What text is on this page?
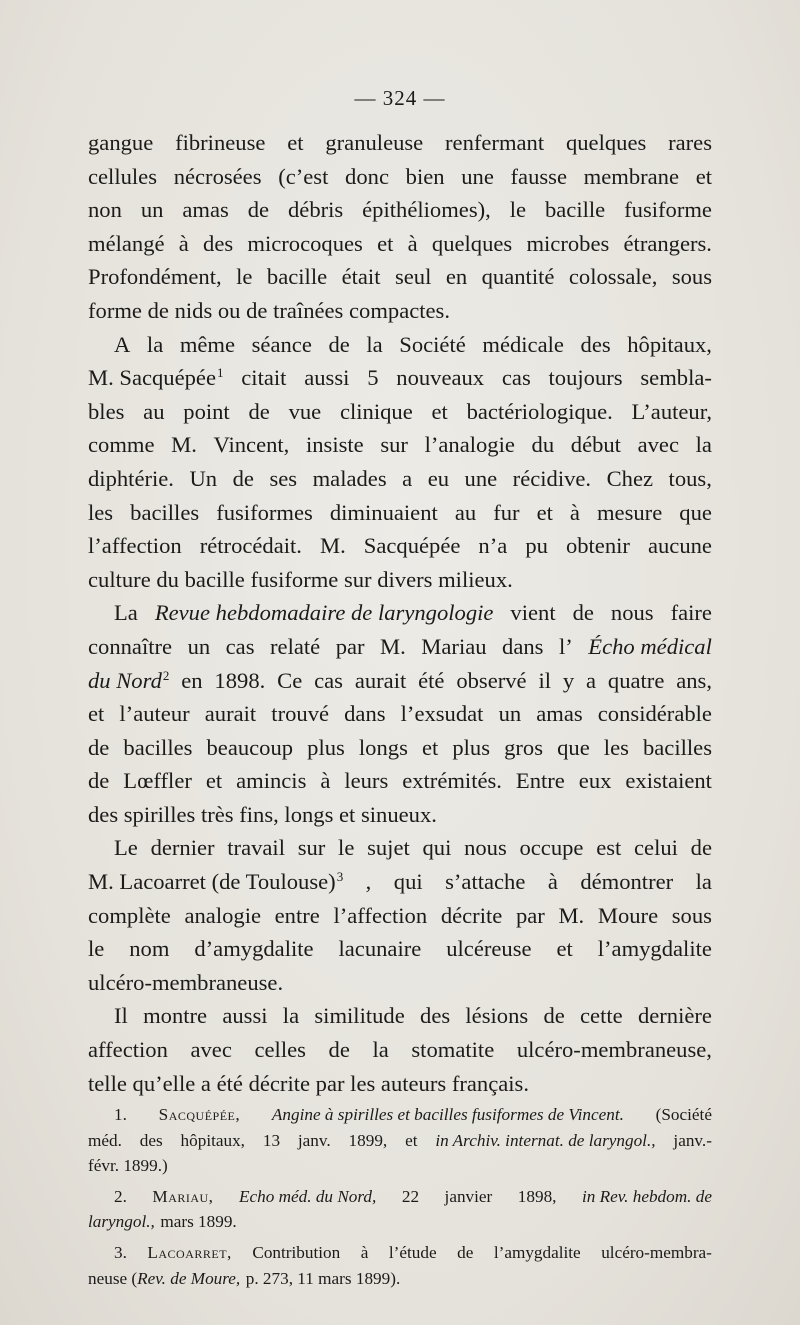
— 324 —
gangue fibrineuse et granuleuse renfermant quelques rares
cellules nécrosées (c’est donc bien une fausse membrane et
non un amas de débris épithéliomes), le bacille fusiforme
mélangé à des microcoques et à quelques microbes étrangers.
Profondément, le bacille était seul en quantité colossale, sous
forme de nids ou de traînées compactes.
A la même séance de la Société médicale des hôpitaux,
M. Sacquépée$^1$ citait aussi 5 nouveaux cas toujours sembla-
bles au point de vue clinique et bactériologique. L’auteur,
comme M. Vincent, insiste sur l’analogie du début avec la
diphtérie. Un de ses malades a eu une récidive. Chez tous,
les bacilles fusiformes diminuaient au fur et à mesure que
l’affection rétrocédait. M. Sacquépée n’a pu obtenir aucune
culture du bacille fusiforme sur divers milieux.
La Revue hebdomadaire de laryngologie vient de nous faire
connaître un cas relaté par M. Mariau dans l’ Écho médical
du Nord$^2$ en 1898. Ce cas aurait été observé il y a quatre ans,
et l’auteur aurait trouvé dans l’exsudat un amas considérable
de bacilles beaucoup plus longs et plus gros que les bacilles
de Lœffler et amincis à leurs extrémités. Entre eux existaient
des spirilles très fins, longs et sinueux.
Le dernier travail sur le sujet qui nous occupe est celui de
M. Lacoarret (de Toulouse)$^3$ , qui s’attache à démontrer la
complète analogie entre l’affection décrite par M. Moure sous
le nom d’amygdalite lacunaire ulcéreuse et l’amygdalite
ulcéro-membraneuse.
Il montre aussi la similitude des lésions de cette dernière
affection avec celles de la stomatite ulcéro-membraneuse,
telle qu’elle a été décrite par les auteurs français.
1. Sacquépée, Angine à spirilles et bacilles fusiformes de Vincent. (Société
méd. des hôpitaux, 13 janv. 1899, et in Archiv. internat. de laryngol., janv.-
févr. 1899.)
2. Mariau, Echo méd. du Nord, 22 janvier 1898, in Rev. hebdom. de
laryngol., mars 1899.
3. Lacoarret, Contribution à l’étude de l’amygdalite ulcéro-membra-
neuse (Rev. de Moure, p. 273, 11 mars 1899).
